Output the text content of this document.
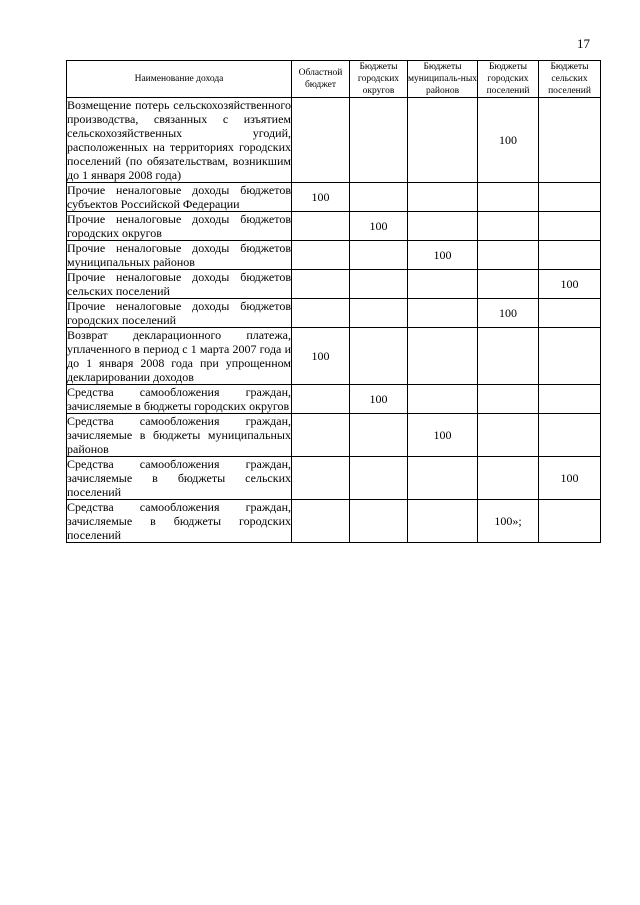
17
Наименование дохода	Областной бюджет	Бюджеты городских округов	Бюджеты муниципаль-ных районов	Бюджеты городских поселений	Бюджеты сельских поселений
Возмещение потерь сельскохозяйственного производства, связанных с изъятием сельскохозяйственных угодий, расположенных на территориях городских поселений (по обязательствам, возникшим до 1 января 2008 года)				100	
Прочие неналоговые доходы бюджетов субъектов Российской Федерации	100				
Прочие неналоговые доходы бюджетов городских округов		100			
Прочие неналоговые доходы бюджетов муниципальных районов			100		
Прочие неналоговые доходы бюджетов сельских поселений					100
Прочие неналоговые доходы бюджетов городских поселений				100	
Возврат декларационного платежа, уплаченного в период с 1 марта 2007 года и до 1 января 2008 года при упрощенном декларировании доходов	100				
Средства самообложения граждан, зачисляемые в бюджеты городских округов		100			
Средства самообложения граждан, зачисляемые в бюджеты муниципальных районов			100		
Средства самообложения граждан, зачисляемые в бюджеты сельских поселений					100
Средства самообложения граждан, зачисляемые в бюджеты городских поселений				100»;	
